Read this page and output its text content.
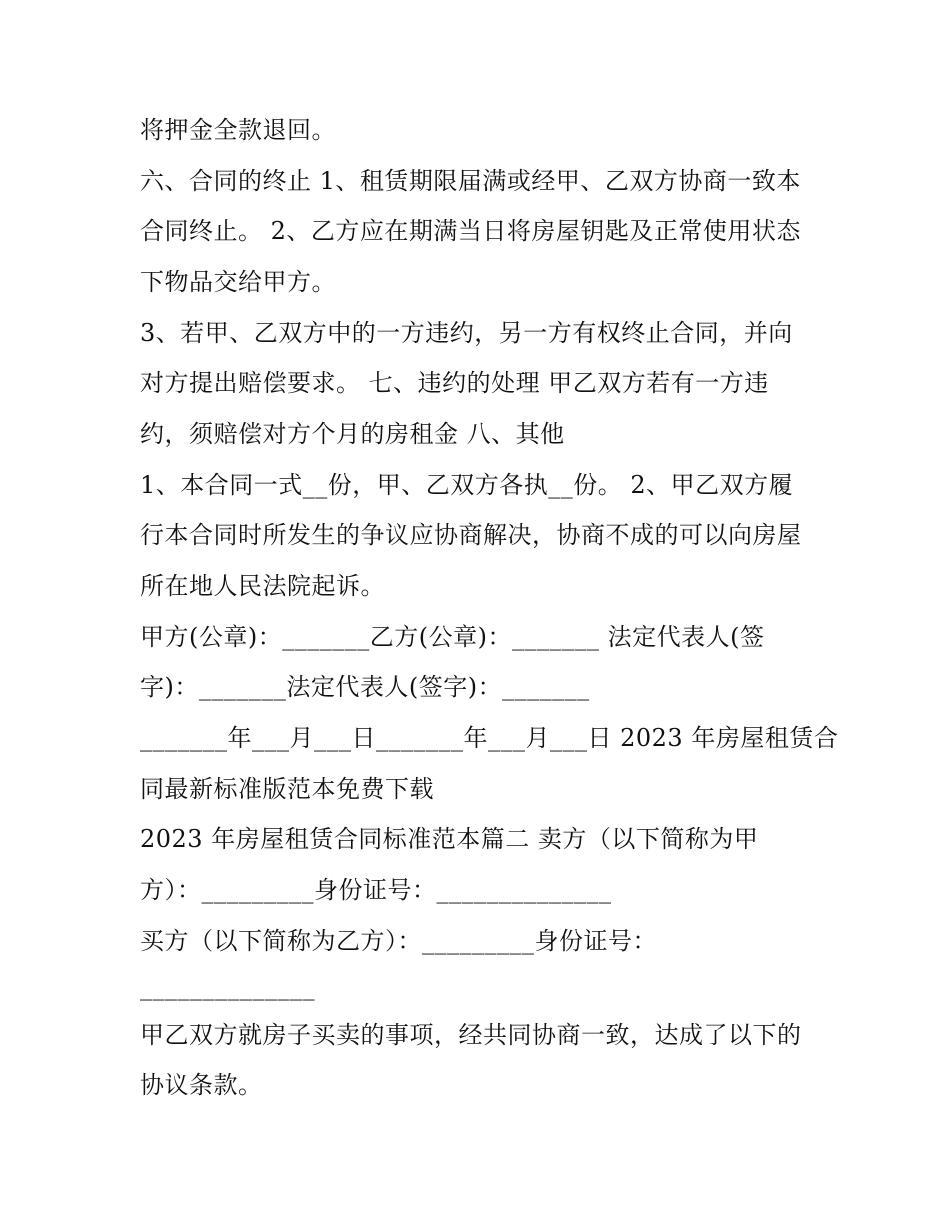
将押金全款退回。
六、合同的终止 1、租赁期限届满或经甲、乙双方协商一致本
合同终止。 2、乙方应在期满当日将房屋钥匙及正常使用状态
下物品交给甲方。
3、若甲、乙双方中的一方违约，另一方有权终止合同，并向
对方提出赔偿要求。 七、违约的处理 甲乙双方若有一方违
约，须赔偿对方个月的房租金 八、其他
1、本合同一式__份，甲、乙双方各执__份。 2、甲乙双方履
行本合同时所发生的争议应协商解决，协商不成的可以向房屋
所在地人民法院起诉。
甲方(公章)：_______乙方(公章)：_______ 法定代表人(签
字)：_______法定代表人(签字)：_______
_______年___月___日_______年___月___日 2023 年房屋租赁合
同最新标准版范本免费下载
2023 年房屋租赁合同标准范本篇二 卖方（以下简称为甲
方）：_________身份证号：______________
买方（以下简称为乙方）：_________身份证号：
______________
甲乙双方就房子买卖的事项，经共同协商一致，达成了以下的
协议条款。
